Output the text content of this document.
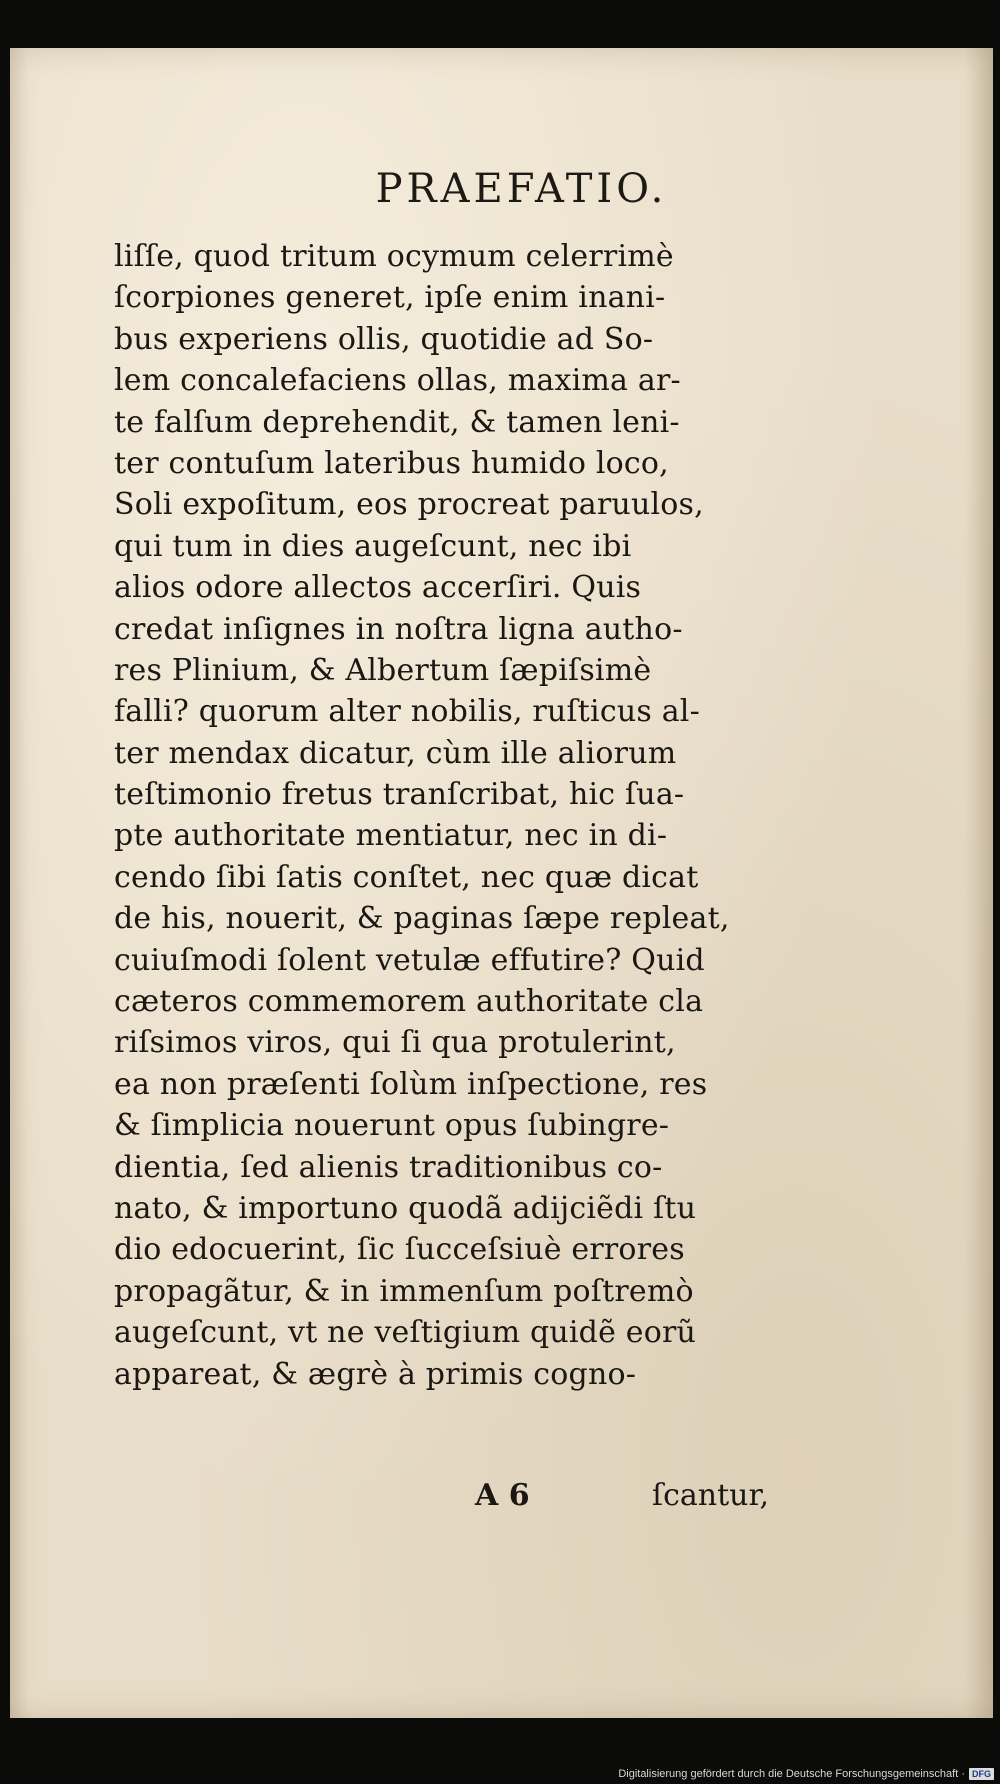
PRAEFATIO.
liſſe, quod tritum ocymum celerrimè
ſcorpiones generet, ipſe enim inani-
bus experiens ollis, quotidie ad So-
lem concalefaciens ollas, maxima ar-
te falſum deprehendit, & tamen leni-
ter contuſum lateribus humido loco,
Soli expoſitum, eos procreat paruulos,
qui tum in dies augeſcunt, nec ibi
alios odore allectos accerſiri. Quis
credat inſignes in noſtra ligna autho-
res Plinium, & Albertum ſæpiſsimè
falli? quorum alter nobilis, ruſticus al-
ter mendax dicatur, cùm ille aliorum
teſtimonio fretus tranſcribat, hic ſua-
pte authoritate mentiatur, nec in di-
cendo ſibi ſatis conſtet, nec quæ dicat
de his, nouerit, & paginas ſæpe repleat,
cuiuſmodi ſolent vetulæ effutire? Quid
cæteros commemorem authoritate cla
riſsimos viros, qui ſi qua protulerint,
ea non præſenti ſolùm inſpectione, res
& ſimplicia nouerunt opus ſubingre-
dientia, ſed alienis traditionibus co-
nato, & importuno quodã adijciẽdi ſtu
dio edocuerint, ſic ſucceſsiuè errores
propagãtur, & in immenſum poſtremò
augeſcunt, vt ne veſtigium quidẽ eorũ
appareat, & ægrè à primis cogno-
A 6	ſcantur,
Digitalisierung gefördert durch die Deutsche Forschungsgemeinschaft · DFG
